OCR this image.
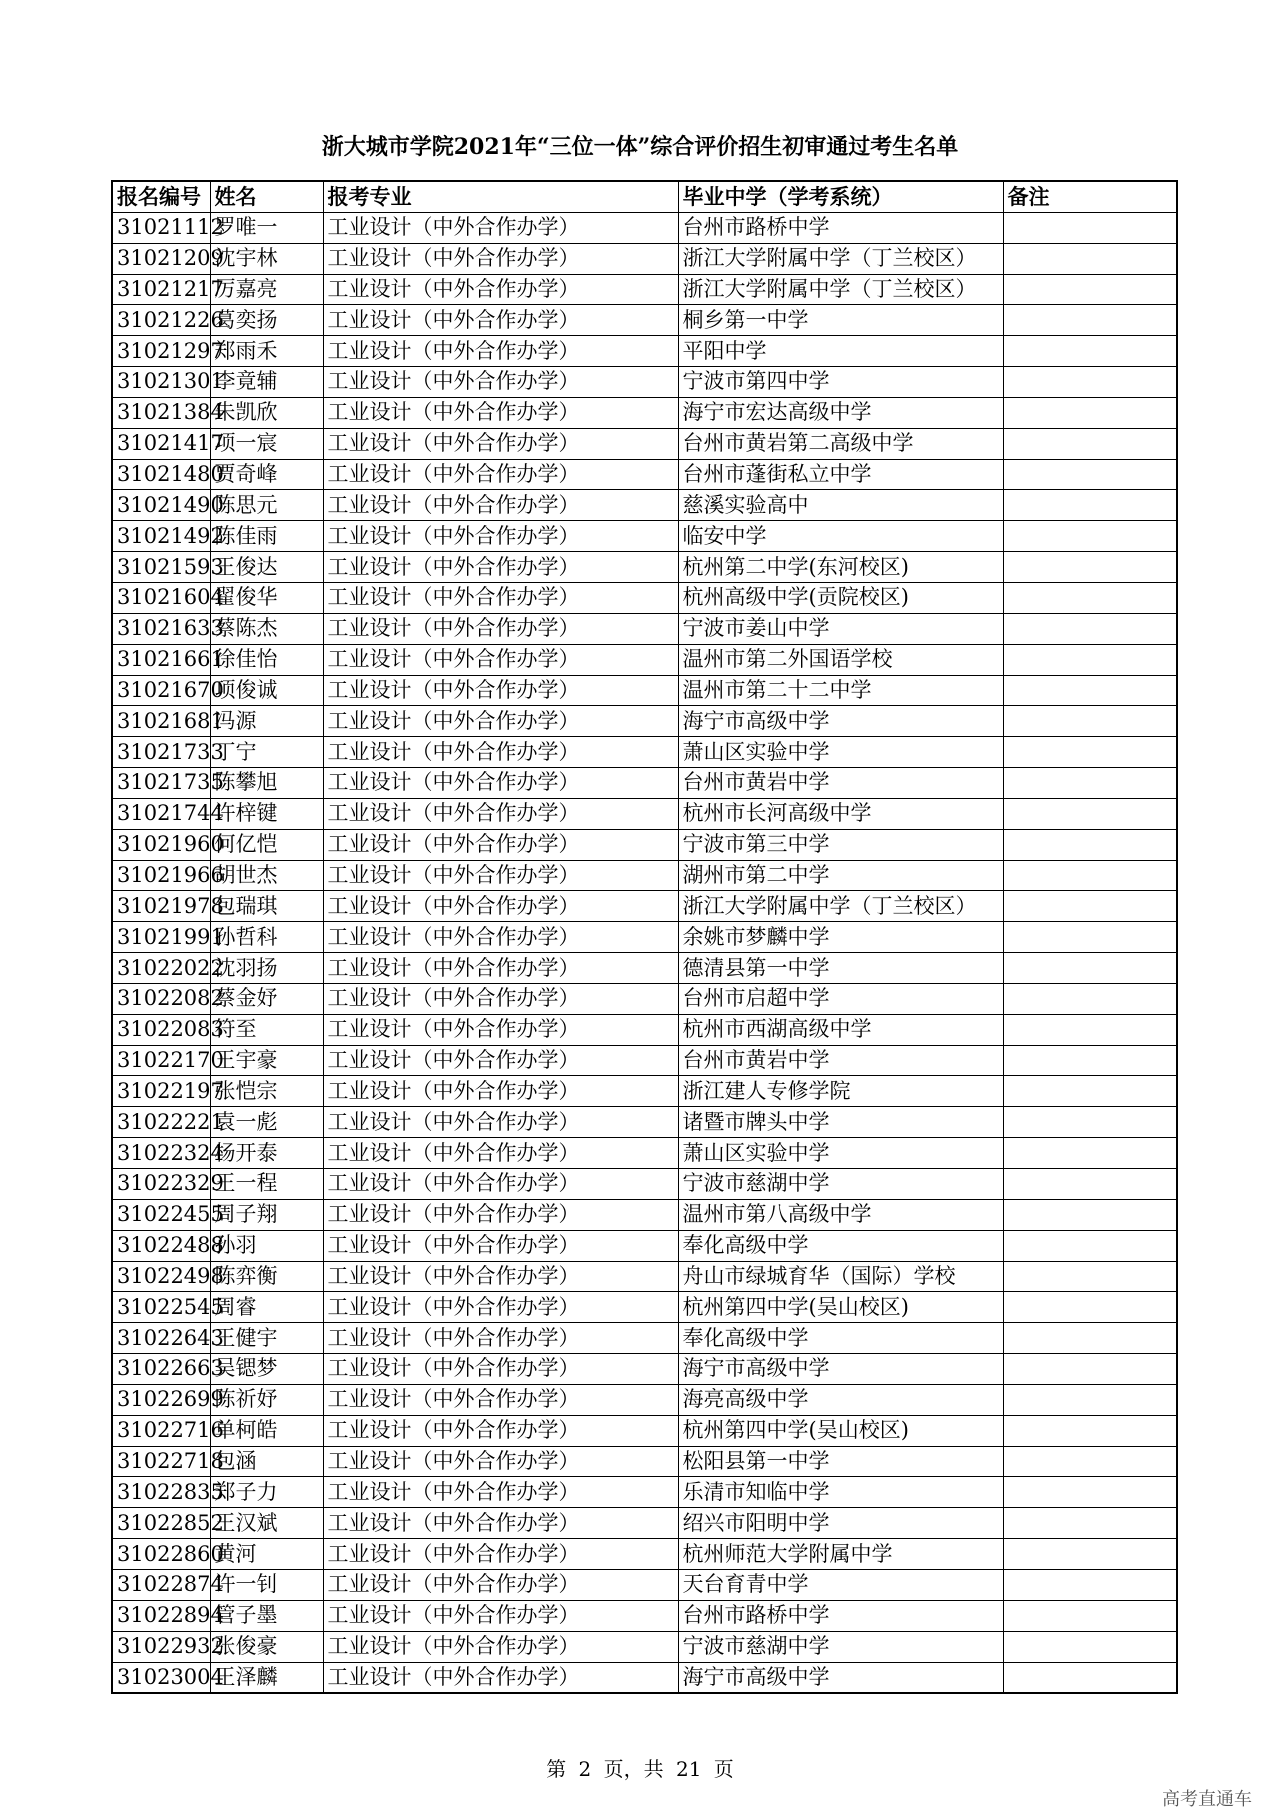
浙大城市学院2021年“三位一体”综合评价招生初审通过考生名单
报名编号	姓名	报考专业	毕业中学（学考系统）	备注
31021112	罗唯一	工业设计（中外合作办学）	台州市路桥中学	
31021209	沈宇林	工业设计（中外合作办学）	浙江大学附属中学（丁兰校区）	
31021217	厉嘉亮	工业设计（中外合作办学）	浙江大学附属中学（丁兰校区）	
31021226	葛奕扬	工业设计（中外合作办学）	桐乡第一中学	
31021297	郑雨禾	工业设计（中外合作办学）	平阳中学	
31021301	李竟辅	工业设计（中外合作办学）	宁波市第四中学	
31021384	朱凯欣	工业设计（中外合作办学）	海宁市宏达高级中学	
31021417	项一宸	工业设计（中外合作办学）	台州市黄岩第二高级中学	
31021480	贾奇峰	工业设计（中外合作办学）	台州市蓬街私立中学	
31021490	陈思元	工业设计（中外合作办学）	慈溪实验高中	
31021492	陈佳雨	工业设计（中外合作办学）	临安中学	
31021593	王俊达	工业设计（中外合作办学）	杭州第二中学(东河校区)	
31021604	翟俊华	工业设计（中外合作办学）	杭州高级中学(贡院校区)	
31021633	蔡陈杰	工业设计（中外合作办学）	宁波市姜山中学	
31021661	徐佳怡	工业设计（中外合作办学）	温州市第二外国语学校	
31021670	项俊诚	工业设计（中外合作办学）	温州市第二十二中学	
31021681	冯源	工业设计（中外合作办学）	海宁市高级中学	
31021733	丁宁	工业设计（中外合作办学）	萧山区实验中学	
31021735	陈攀旭	工业设计（中外合作办学）	台州市黄岩中学	
31021744	许梓键	工业设计（中外合作办学）	杭州市长河高级中学	
31021960	何亿恺	工业设计（中外合作办学）	宁波市第三中学	
31021966	胡世杰	工业设计（中外合作办学）	湖州市第二中学	
31021978	包瑞琪	工业设计（中外合作办学）	浙江大学附属中学（丁兰校区）	
31021991	孙哲科	工业设计（中外合作办学）	余姚市梦麟中学	
31022022	沈羽扬	工业设计（中外合作办学）	德清县第一中学	
31022082	蔡金妤	工业设计（中外合作办学）	台州市启超中学	
31022083	符至	工业设计（中外合作办学）	杭州市西湖高级中学	
31022170	王宇豪	工业设计（中外合作办学）	台州市黄岩中学	
31022197	张恺宗	工业设计（中外合作办学）	浙江建人专修学院	
31022221	袁一彪	工业设计（中外合作办学）	诸暨市牌头中学	
31022324	杨开泰	工业设计（中外合作办学）	萧山区实验中学	
31022329	王一程	工业设计（中外合作办学）	宁波市慈湖中学	
31022455	周子翔	工业设计（中外合作办学）	温州市第八高级中学	
31022488	孙羽	工业设计（中外合作办学）	奉化高级中学	
31022498	陈弈衡	工业设计（中外合作办学）	舟山市绿城育华（国际）学校	
31022545	周睿	工业设计（中外合作办学）	杭州第四中学(吴山校区)	
31022643	王健宇	工业设计（中外合作办学）	奉化高级中学	
31022663	吴锶梦	工业设计（中外合作办学）	海宁市高级中学	
31022699	陈祈妤	工业设计（中外合作办学）	海亮高级中学	
31022716	单柯皓	工业设计（中外合作办学）	杭州第四中学(吴山校区)	
31022718	包涵	工业设计（中外合作办学）	松阳县第一中学	
31022835	郑子力	工业设计（中外合作办学）	乐清市知临中学	
31022852	王汉斌	工业设计（中外合作办学）	绍兴市阳明中学	
31022860	黄河	工业设计（中外合作办学）	杭州师范大学附属中学	
31022874	许一钊	工业设计（中外合作办学）	天台育青中学	
31022894	管子墨	工业设计（中外合作办学）	台州市路桥中学	
31022932	张俊豪	工业设计（中外合作办学）	宁波市慈湖中学	
31023004	王泽麟	工业设计（中外合作办学）	海宁市高级中学	
第 2 页，共 21 页
高考直通车
